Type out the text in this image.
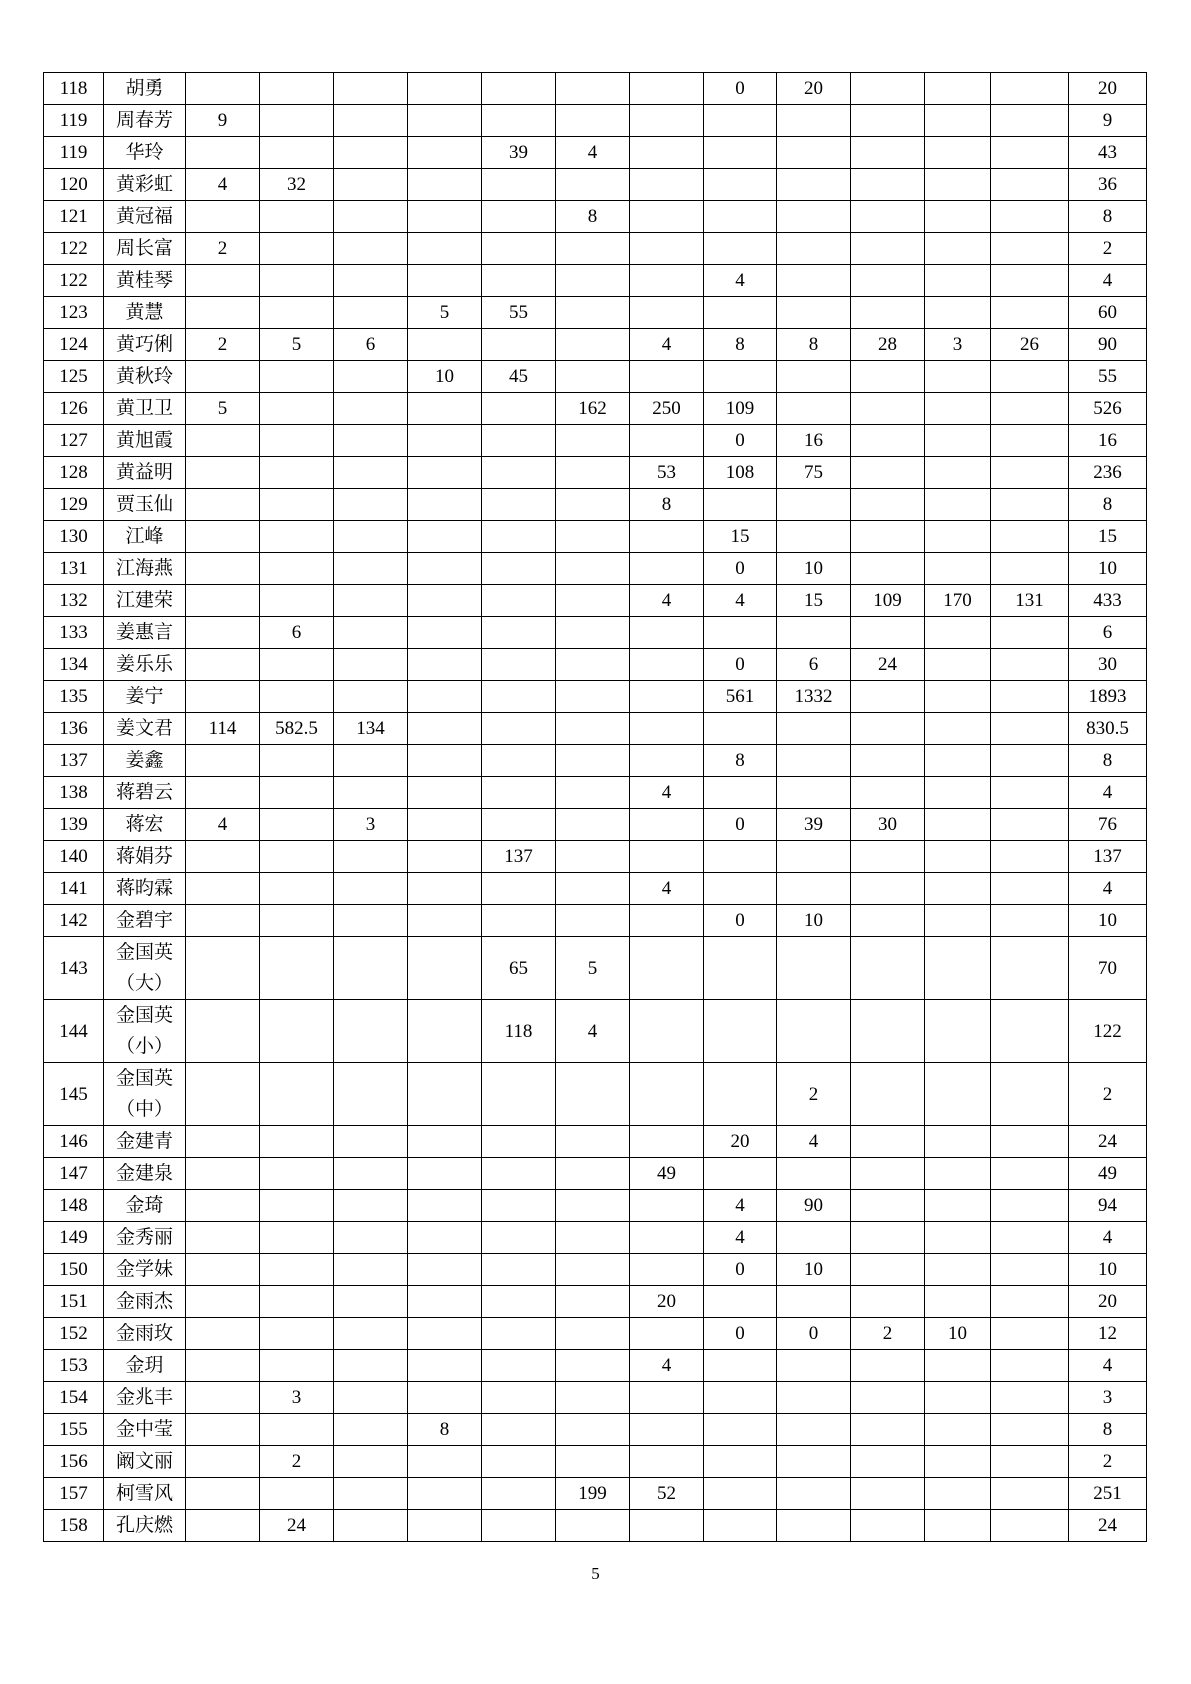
118	胡勇								0	20				20
119	周春芳	9												9
119	华玲					39	4							43
120	黄彩虹	4	32											36
121	黄冠福						8							8
122	周长富	2												2
122	黄桂琴								4					4
123	黄慧				5	55								60
124	黄巧俐	2	5	6				4	8	8	28	3	26	90
125	黄秋玲				10	45								55
126	黄卫卫	5					162	250	109					526
127	黄旭霞								0	16				16
128	黄益明							53	108	75				236
129	贾玉仙							8						8
130	江峰								15					15
131	江海燕								0	10				10
132	江建荣							4	4	15	109	170	131	433
133	姜惠言		6											6
134	姜乐乐								0	6	24			30
135	姜宁								561	1332				1893
136	姜文君	114	582.5	134										830.5
137	姜鑫								8					8
138	蒋碧云							4						4
139	蒋宏	4		3					0	39	30			76
140	蒋娟芬					137								137
141	蒋昀霖							4						4
142	金碧宇								0	10				10
143	金国英（大）					65	5							70
144	金国英（小）					118	4							122
145	金国英（中）									2				2
146	金建青								20	4				24
147	金建泉							49						49
148	金琦								4	90				94
149	金秀丽								4					4
150	金学妹								0	10				10
151	金雨杰							20						20
152	金雨玫								0	0	2	10		12
153	金玥							4						4
154	金兆丰		3											3
155	金中莹				8									8
156	阚文丽		2											2
157	柯雪风						199	52						251
158	孔庆燃		24											24
5
